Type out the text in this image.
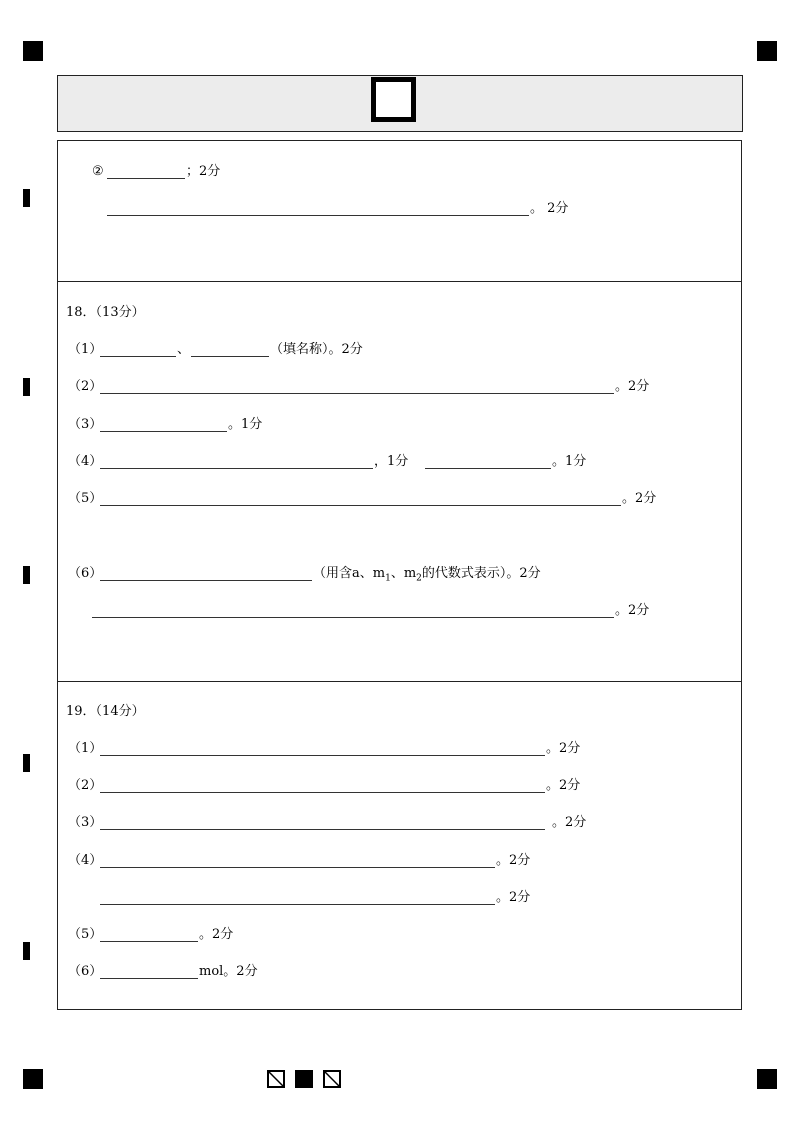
②	；2分
。 2分
18．（13分）
（1）	、	（填名称）。2分
（2）	。2分
（3）	。1分
（4）	，1分	。1分
（5）	。2分
（6）	（用含a、$m_1$、$m_2$的代数式表示）。2分
。2分
19．（14分）
（1）	。2分
（2）	。2分
（3）	。2分
（4）	。2分
。2分
（5）	。2分
（6）	mol。2分
